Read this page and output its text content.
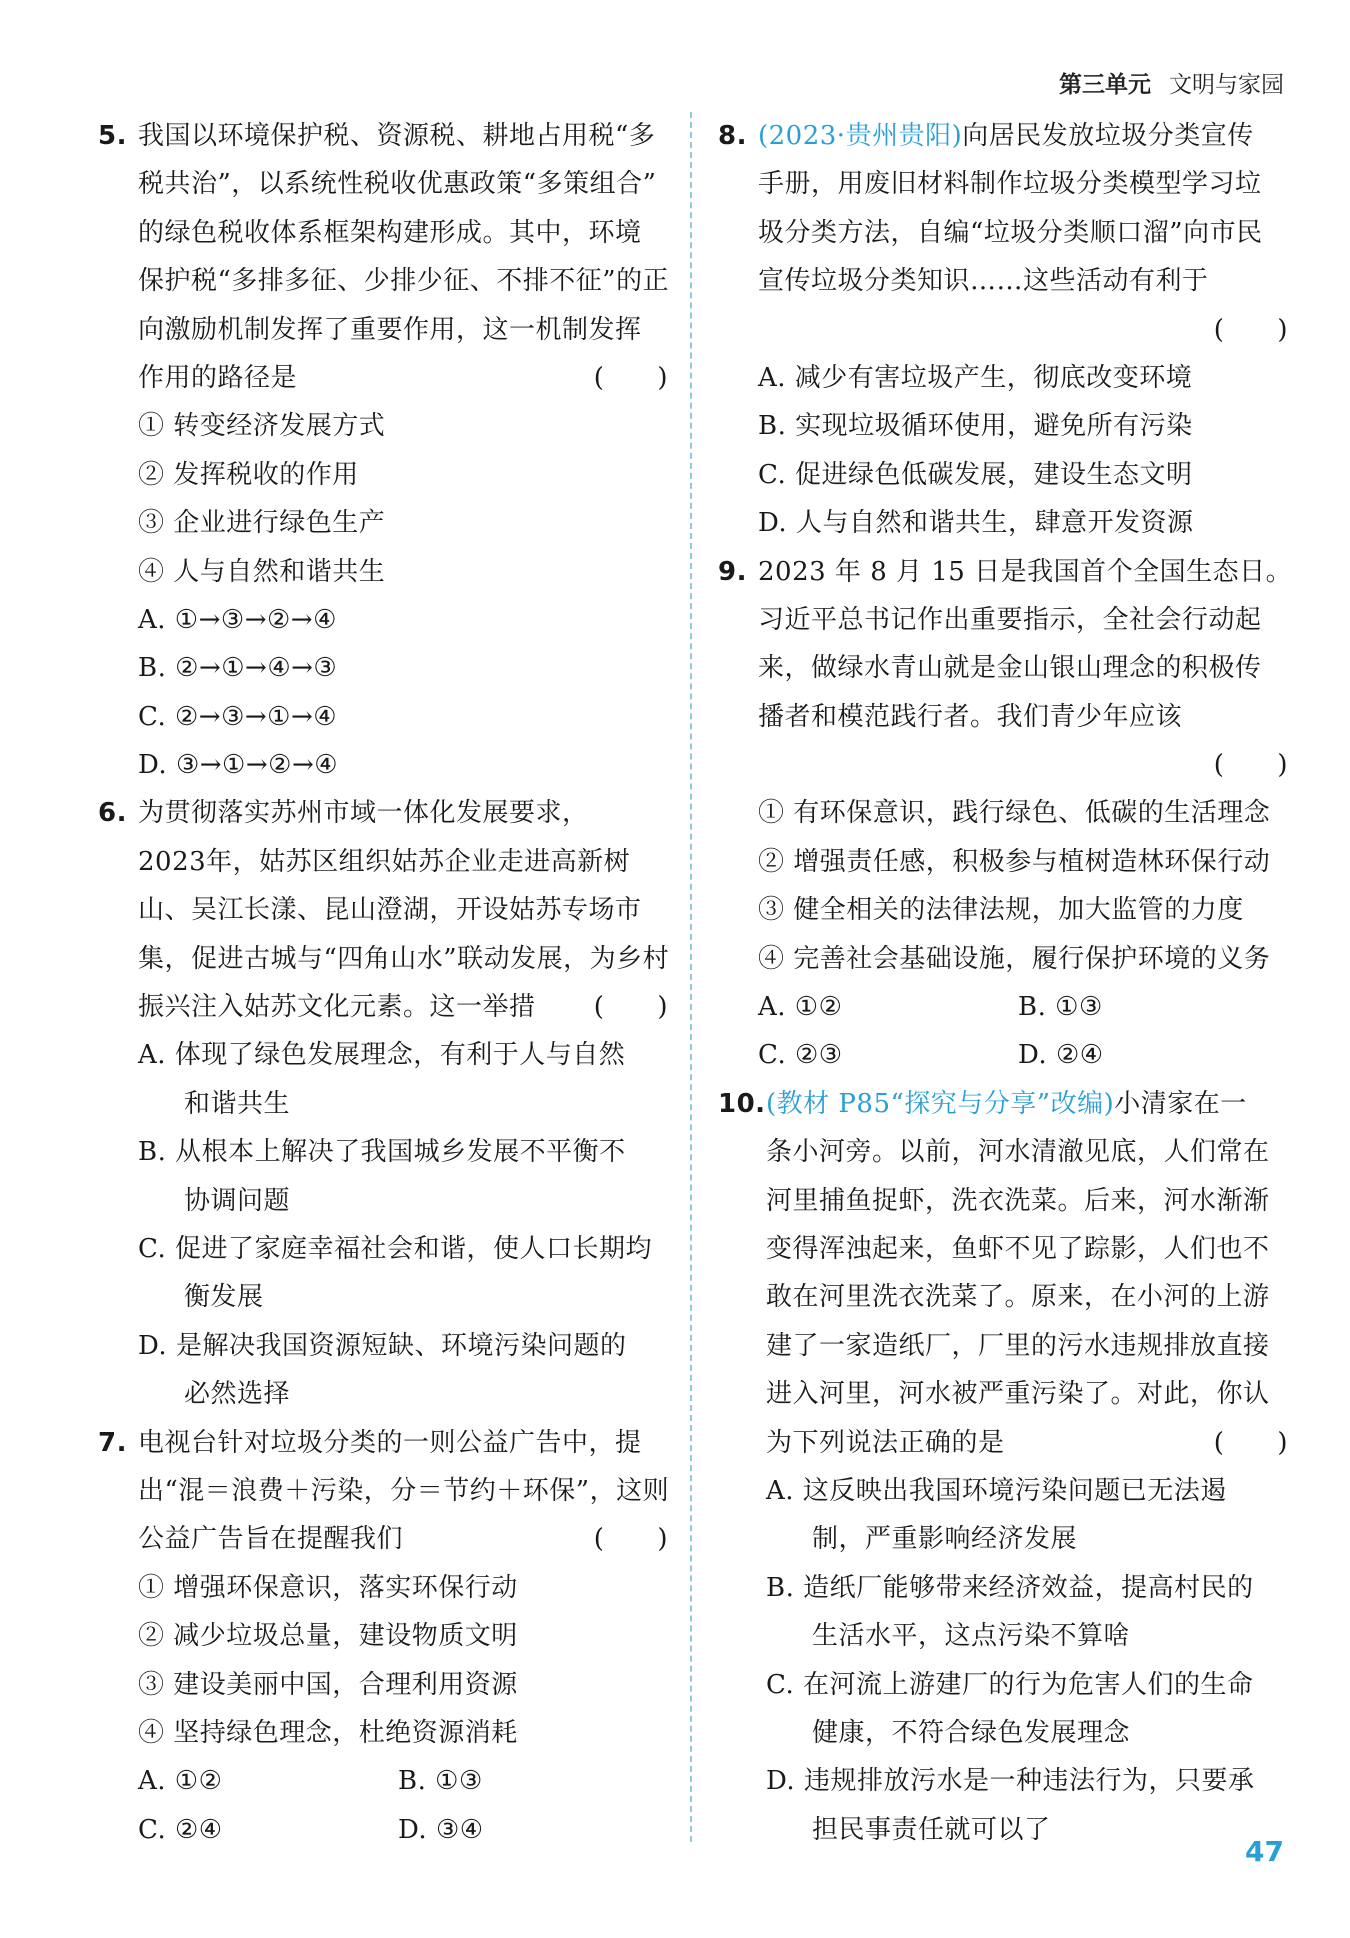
第三单元 文明与家园
5. 我国以环境保护税、资源税、耕地占用税“多
税共治”，以系统性税收优惠政策“多策组合”
的绿色税收体系框架构建形成。其中，环境
保护税“多排多征、少排少征、不排不征”的正
向激励机制发挥了重要作用，这一机制发挥
作用的路径是	(　　)
① 转变经济发展方式
② 发挥税收的作用
③ 企业进行绿色生产
④ 人与自然和谐共生
A. ①→③→②→④
B. ②→①→④→③
C. ②→③→①→④
D. ③→①→②→④
6. 为贯彻落实苏州市域一体化发展要求，
2023年，姑苏区组织姑苏企业走进高新树
山、吴江长漾、昆山澄湖，开设姑苏专场市
集，促进古城与“四角山水”联动发展，为乡村
振兴注入姑苏文化元素。这一举措 (　　)
A. 体现了绿色发展理念，有利于人与自然
和谐共生
B. 从根本上解决了我国城乡发展不平衡不
协调问题
C. 促进了家庭幸福社会和谐，使人口长期均
衡发展
D. 是解决我国资源短缺、环境污染问题的
必然选择
7. 电视台针对垃圾分类的一则公益广告中，提
出“混＝浪费＋污染，分＝节约＋环保”，这则
公益广告旨在提醒我们	(　　)
① 增强环保意识，落实环保行动
② 减少垃圾总量，建设物质文明
③ 建设美丽中国，合理利用资源
④ 坚持绿色理念，杜绝资源消耗
A. ①②	B. ①③
C. ②④	D. ③④
8. (2023·贵州贵阳)向居民发放垃圾分类宣传
手册，用废旧材料制作垃圾分类模型学习垃
圾分类方法，自编“垃圾分类顺口溜”向市民
宣传垃圾分类知识……这些活动有利于
(　　)
A. 减少有害垃圾产生，彻底改变环境
B. 实现垃圾循环使用，避免所有污染
C. 促进绿色低碳发展，建设生态文明
D. 人与自然和谐共生，肆意开发资源
9. 2023 年 8 月 15 日是我国首个全国生态日。
习近平总书记作出重要指示，全社会行动起
来，做绿水青山就是金山银山理念的积极传
播者和模范践行者。我们青少年应该
(　　)
① 有环保意识，践行绿色、低碳的生活理念
② 增强责任感，积极参与植树造林环保行动
③ 健全相关的法律法规，加大监管的力度
④ 完善社会基础设施，履行保护环境的义务
A. ①②	B. ①③
C. ②③	D. ②④
10. (教材 P85“探究与分享”改编)小清家在一
条小河旁。以前，河水清澈见底，人们常在
河里捕鱼捉虾，洗衣洗菜。后来，河水渐渐
变得浑浊起来，鱼虾不见了踪影，人们也不
敢在河里洗衣洗菜了。原来，在小河的上游
建了一家造纸厂，厂里的污水违规排放直接
进入河里，河水被严重污染了。对此，你认
为下列说法正确的是	(　　)
A. 这反映出我国环境污染问题已无法遏
制，严重影响经济发展
B. 造纸厂能够带来经济效益，提高村民的
生活水平，这点污染不算啥
C. 在河流上游建厂的行为危害人们的生命
健康，不符合绿色发展理念
D. 违规排放污水是一种违法行为，只要承
担民事责任就可以了
47
